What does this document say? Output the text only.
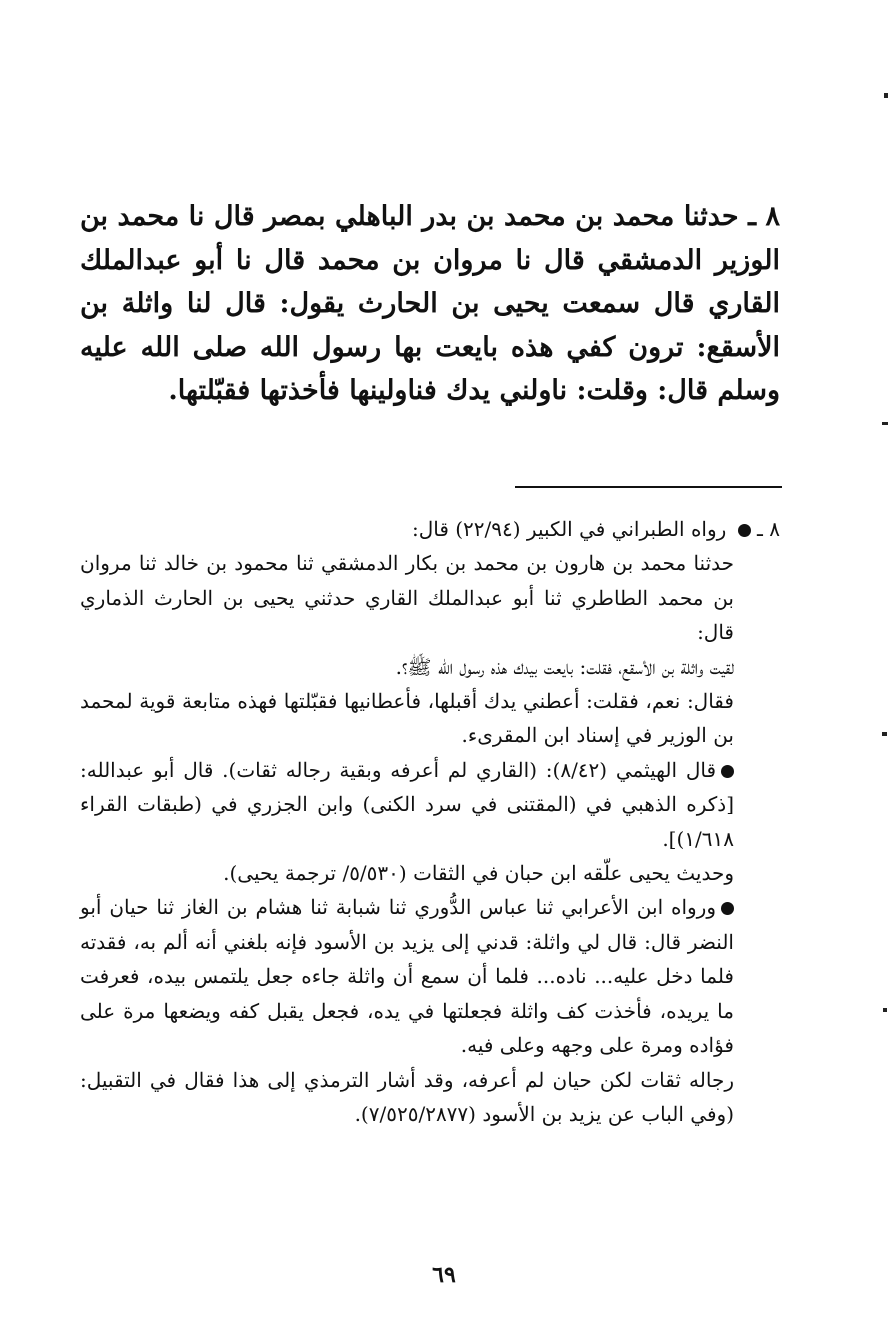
٨ ـ حدثنا محمد بن محمد بن بدر الباهلي بمصر قال نا محمد بن الوزير الدمشقي قال نا مروان بن محمد قال نا أبو عبدالملك القاري قال سمعت يحيى بن الحارث يقول: قال لنا واثلة بن الأسقع: ترون كفي هذه بايعت بها رسول الله صلى الله عليه وسلم قال: وقلت: ناولني يدك فناولينها فأخذتها فقبّلتها.

٨ ـ  رواه الطبراني في الكبير (٢٢/٩٤) قال:

حدثنا محمد بن هارون بن محمد بن بكار الدمشقي ثنا محمود بن خالد ثنا مروان بن محمد الطاطري ثنا أبو عبدالملك القاري حدثني يحيى بن الحارث الذماري قال:

لقيت واثلة بن الأسقع، فقلت: بايعت بيدك هذه رسول الله ﷺ؟.

فقال: نعم، فقلت: أعطني يدك أقبلها، فأعطانيها فقبّلتها فهذه متابعة قوية لمحمد بن الوزير في إسناد ابن المقرىء.

قال الهيثمي (٨/٤٢): (القاري لم أعرفه وبقية رجاله ثقات). قال أبو عبدالله: [ذكره الذهبي في (المقتنى في سرد الكنى) وابن الجزري في (طبقات القراء ١/٦١٨)].

وحديث يحيى علّقه ابن حبان في الثقات (٥/٥٣٠/ ترجمة يحيى).

ورواه ابن الأعرابي ثنا عباس الدُّوري ثنا شبابة ثنا هشام بن الغاز ثنا حيان أبو النضر قال: قال لي واثلة: قدني إلى يزيد بن الأسود فإنه بلغني أنه ألم به، فقدته فلما دخل عليه... ناده... فلما أن سمع أن واثلة جاءه جعل يلتمس بيده، فعرفت ما يريده، فأخذت كف واثلة فجعلتها في يده، فجعل يقبل كفه ويضعها مرة على فؤاده ومرة على وجهه وعلى فيه.

رجاله ثقات لكن حيان لم أعرفه، وقد أشار الترمذي إلى هذا فقال في التقبيل: (وفي الباب عن يزيد بن الأسود (٧/٥٢٥/٢٨٧٧).

٦٩
